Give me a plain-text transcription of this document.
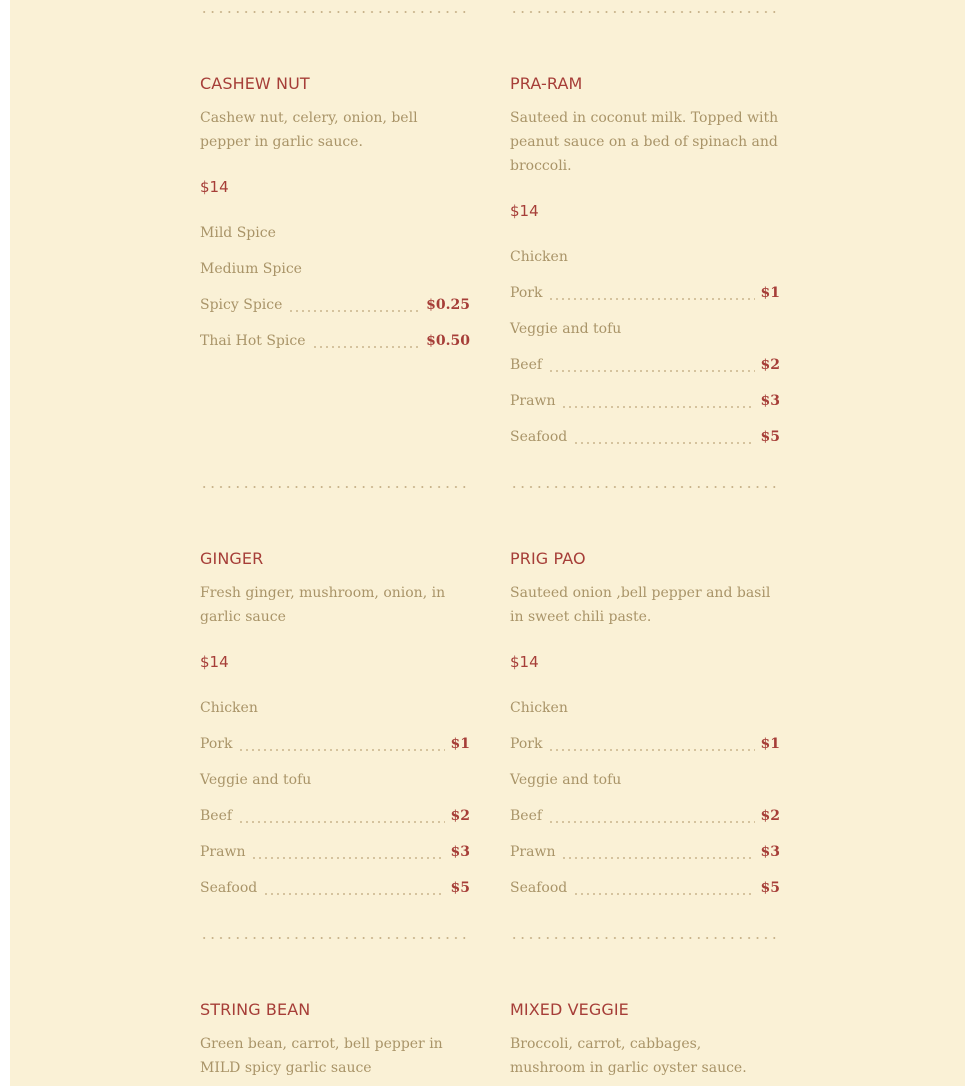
CASHEW NUT
Cashew nut, celery, onion, bell pepper in garlic sauce.
$14
Mild Spice
Medium Spice
Spicy Spice	$0.25
Thai Hot Spice	$0.50
PRA-RAM
Sauteed in coconut milk. Topped with peanut sauce on a bed of spinach and broccoli.
$14
Chicken
Pork	$1
Veggie and tofu
Beef	$2
Prawn	$3
Seafood	$5
GINGER
Fresh ginger, mushroom, onion, in garlic sauce
$14
Chicken
Pork	$1
Veggie and tofu
Beef	$2
Prawn	$3
Seafood	$5
PRIG PAO
Sauteed onion ,bell pepper and basil in sweet chili paste.
$14
Chicken
Pork	$1
Veggie and tofu
Beef	$2
Prawn	$3
Seafood	$5
STRING BEAN
Green bean, carrot, bell pepper in MILD spicy garlic sauce
MIXED VEGGIE
Broccoli, carrot, cabbages, mushroom in garlic oyster sauce.
